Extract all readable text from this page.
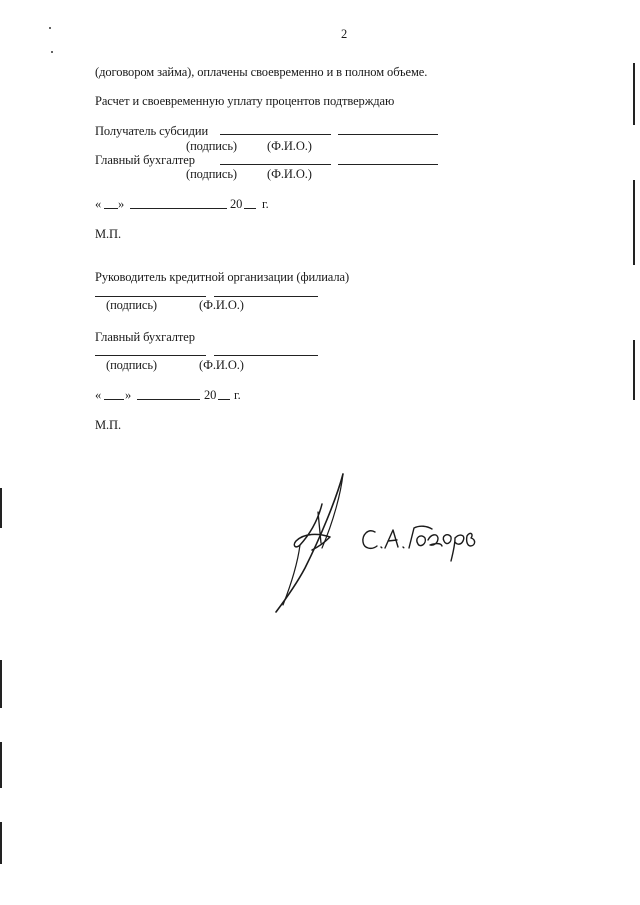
2
(договором займа), оплачены своевременно и в полном объеме.
Расчет и своевременную уплату процентов подтверждаю
Получатель субсидии
(подпись) (Ф.И.О.)
Главный бухгалтер
(подпись) (Ф.И.О.)
« »	20 г.
М.П.
Руководитель кредитной организации (филиала)
(подпись)	(Ф.И.О.)
Главный бухгалтер
(подпись)	(Ф.И.О.)
« »	20 г.
М.П.
